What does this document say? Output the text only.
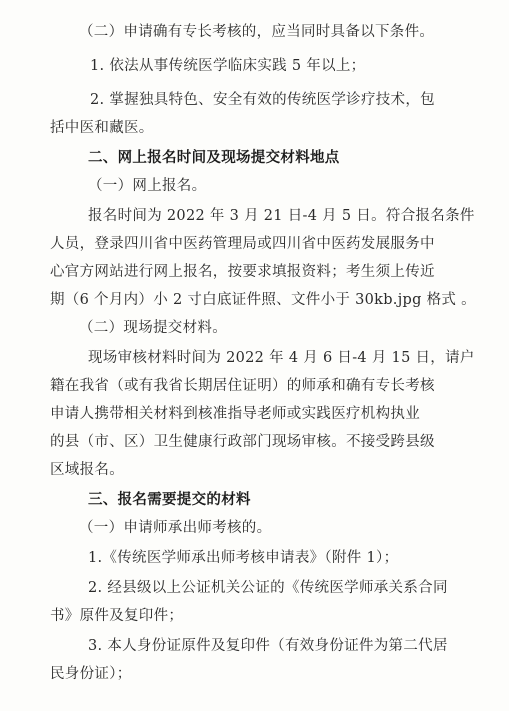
（二）申请确有专长考核的，应当同时具备以下条件。
1. 依法从事传统医学临床实践 5 年以上；
2. 掌握独具特色、安全有效的传统医学诊疗技术，包
括中医和藏医。
二、网上报名时间及现场提交材料地点
（一）网上报名。
报名时间为 2022 年 3 月 21 日-4 月 5 日。符合报名条件
人员，登录四川省中医药管理局或四川省中医药发展服务中
心官方网站进行网上报名，按要求填报资料；考生须上传近
期（6 个月内）小 2 寸白底证件照、文件小于 30kb.jpg 格式 。
（二）现场提交材料。
现场审核材料时间为 2022 年 4 月 6 日-4 月 15 日，请户
籍在我省（或有我省长期居住证明）的师承和确有专长考核
申请人携带相关材料到核准指导老师或实践医疗机构执业
的县（市、区）卫生健康行政部门现场审核。不接受跨县级
区域报名。
三、报名需要提交的材料
（一）申请师承出师考核的。
1.《传统医学师承出师考核申请表》（附件 1）；
2. 经县级以上公证机关公证的《传统医学师承关系合同
书》原件及复印件；
3. 本人身份证原件及复印件（有效身份证件为第二代居
民身份证）；
